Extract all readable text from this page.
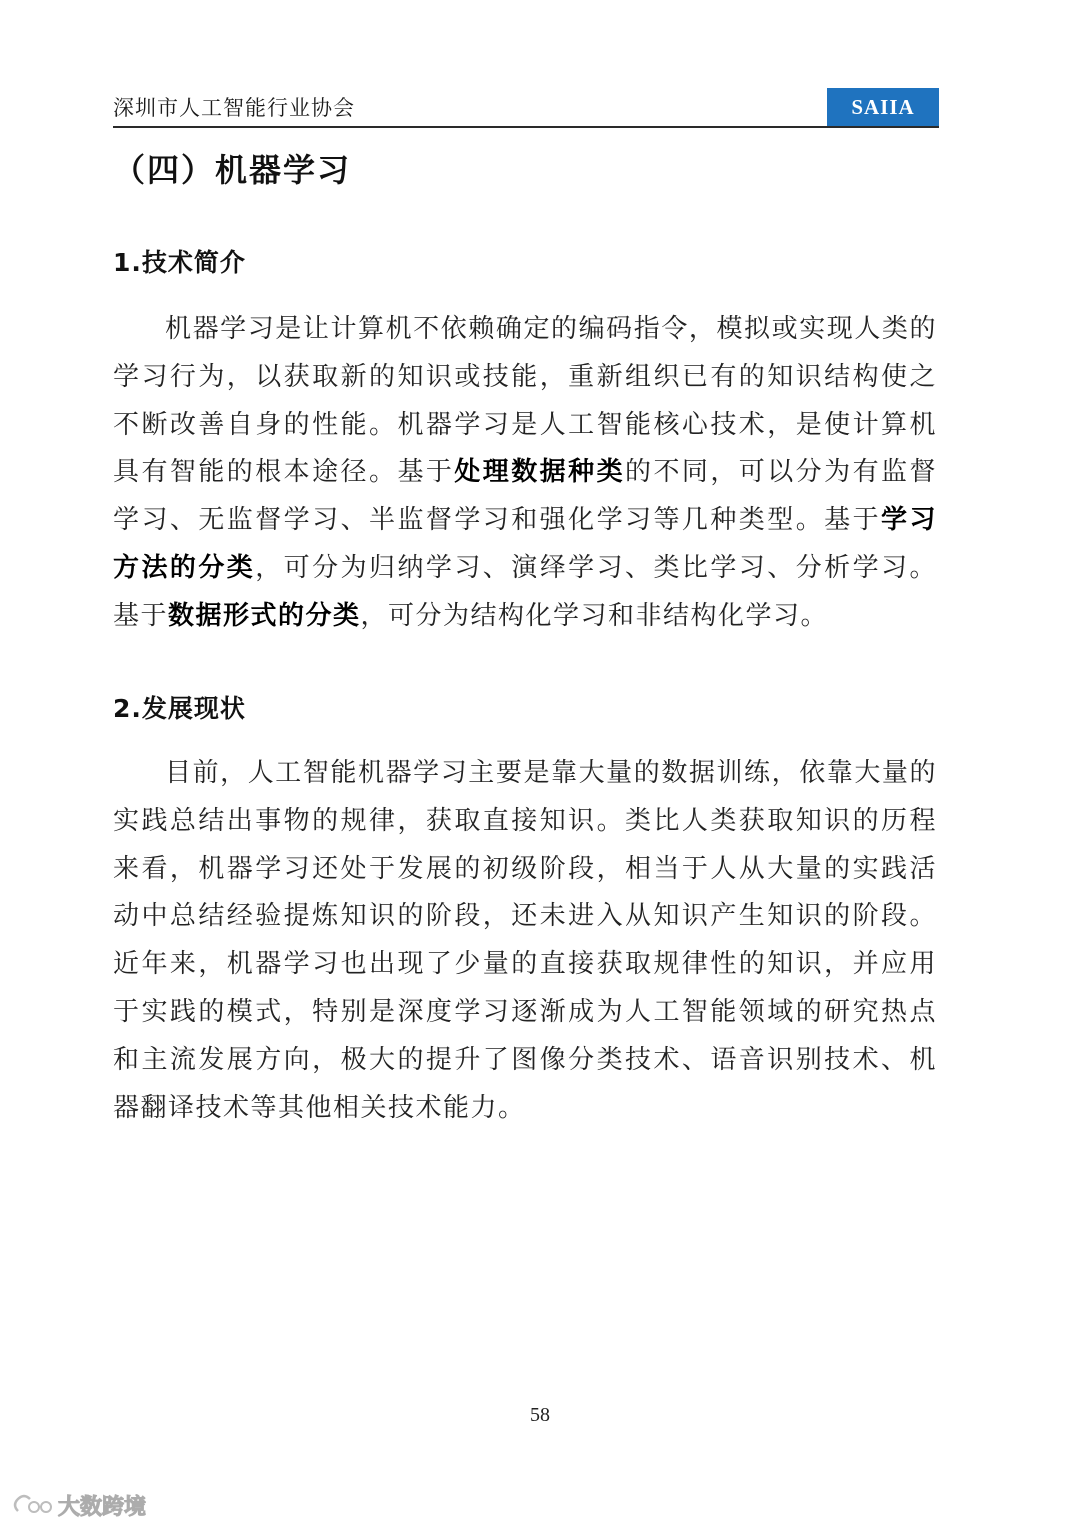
深圳市人工智能行业协会	SAIIA
（四）机器学习
1.技术简介
机器学习是让计算机不依赖确定的编码指令，模拟或实现人类的学习行为，以获取新的知识或技能，重新组织已有的知识结构使之不断改善自身的性能。机器学习是人工智能核心技术，是使计算机具有智能的根本途径。基于处理数据种类的不同，可以分为有监督学习、无监督学习、半监督学习和强化学习等几种类型。基于学习方法的分类，可分为归纳学习、演绎学习、类比学习、分析学习。基于数据形式的分类，可分为结构化学习和非结构化学习。
2.发展现状
目前，人工智能机器学习主要是靠大量的数据训练，依靠大量的实践总结出事物的规律，获取直接知识。类比人类获取知识的历程来看，机器学习还处于发展的初级阶段，相当于人从大量的实践活动中总结经验提炼知识的阶段，还未进入从知识产生知识的阶段。近年来，机器学习也出现了少量的直接获取规律性的知识，并应用于实践的模式，特别是深度学习逐渐成为人工智能领域的研究热点和主流发展方向，极大的提升了图像分类技术、语音识别技术、机器翻译技术等其他相关技术能力。
58
大数跨境
